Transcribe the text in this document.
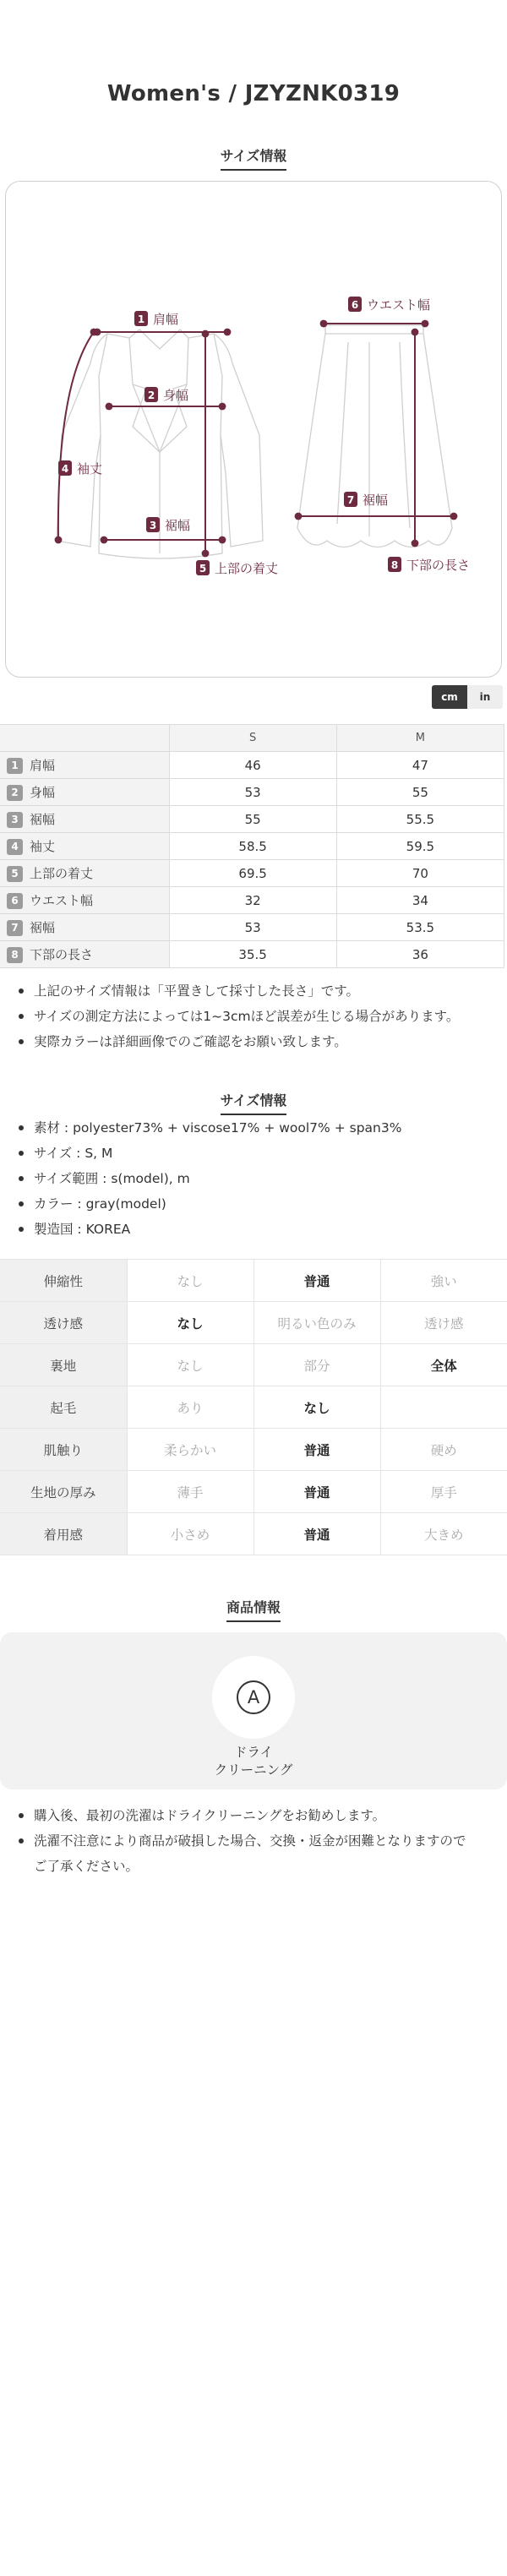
Women's / JZYZNK0319
サイズ情報
1 肩幅
2 身幅
3 裾幅
4 袖丈
5 上部の着丈
6 ウエスト幅
7 裾幅
8 下部の長さ
cm	in
	S	M
1 肩幅	46	47
2 身幅	53	55
3 裾幅	55	55.5
4 袖丈	58.5	59.5
5 上部の着丈	69.5	70
6 ウエスト幅	32	34
7 裾幅	53	53.5
8 下部の長さ	35.5	36
上記のサイズ情報は「平置きして採寸した長さ」です。
サイズの測定方法によっては1~3cmほど誤差が生じる場合があります。
実際カラーは詳細画像でのご確認をお願い致します。
サイズ情報
素材 : polyester73% + viscose17% + wool7% + span3%
サイズ : S, M
サイズ範囲 : s(model), m
カラー : gray(model)
製造国 : KOREA
伸縮性	なし	普通	強い
透け感	なし	明るい色のみ	透け感
裏地	なし	部分	全体
起毛	あり	なし	
肌触り	柔らかい	普通	硬め
生地の厚み	薄手	普通	厚手
着用感	小さめ	普通	大きめ
商品情報
A
ドライ
クリーニング
購入後、最初の洗濯はドライクリーニングをお勧めします。
洗濯不注意により商品が破損した場合、交換・返金が困難となりますので
ご了承ください。
